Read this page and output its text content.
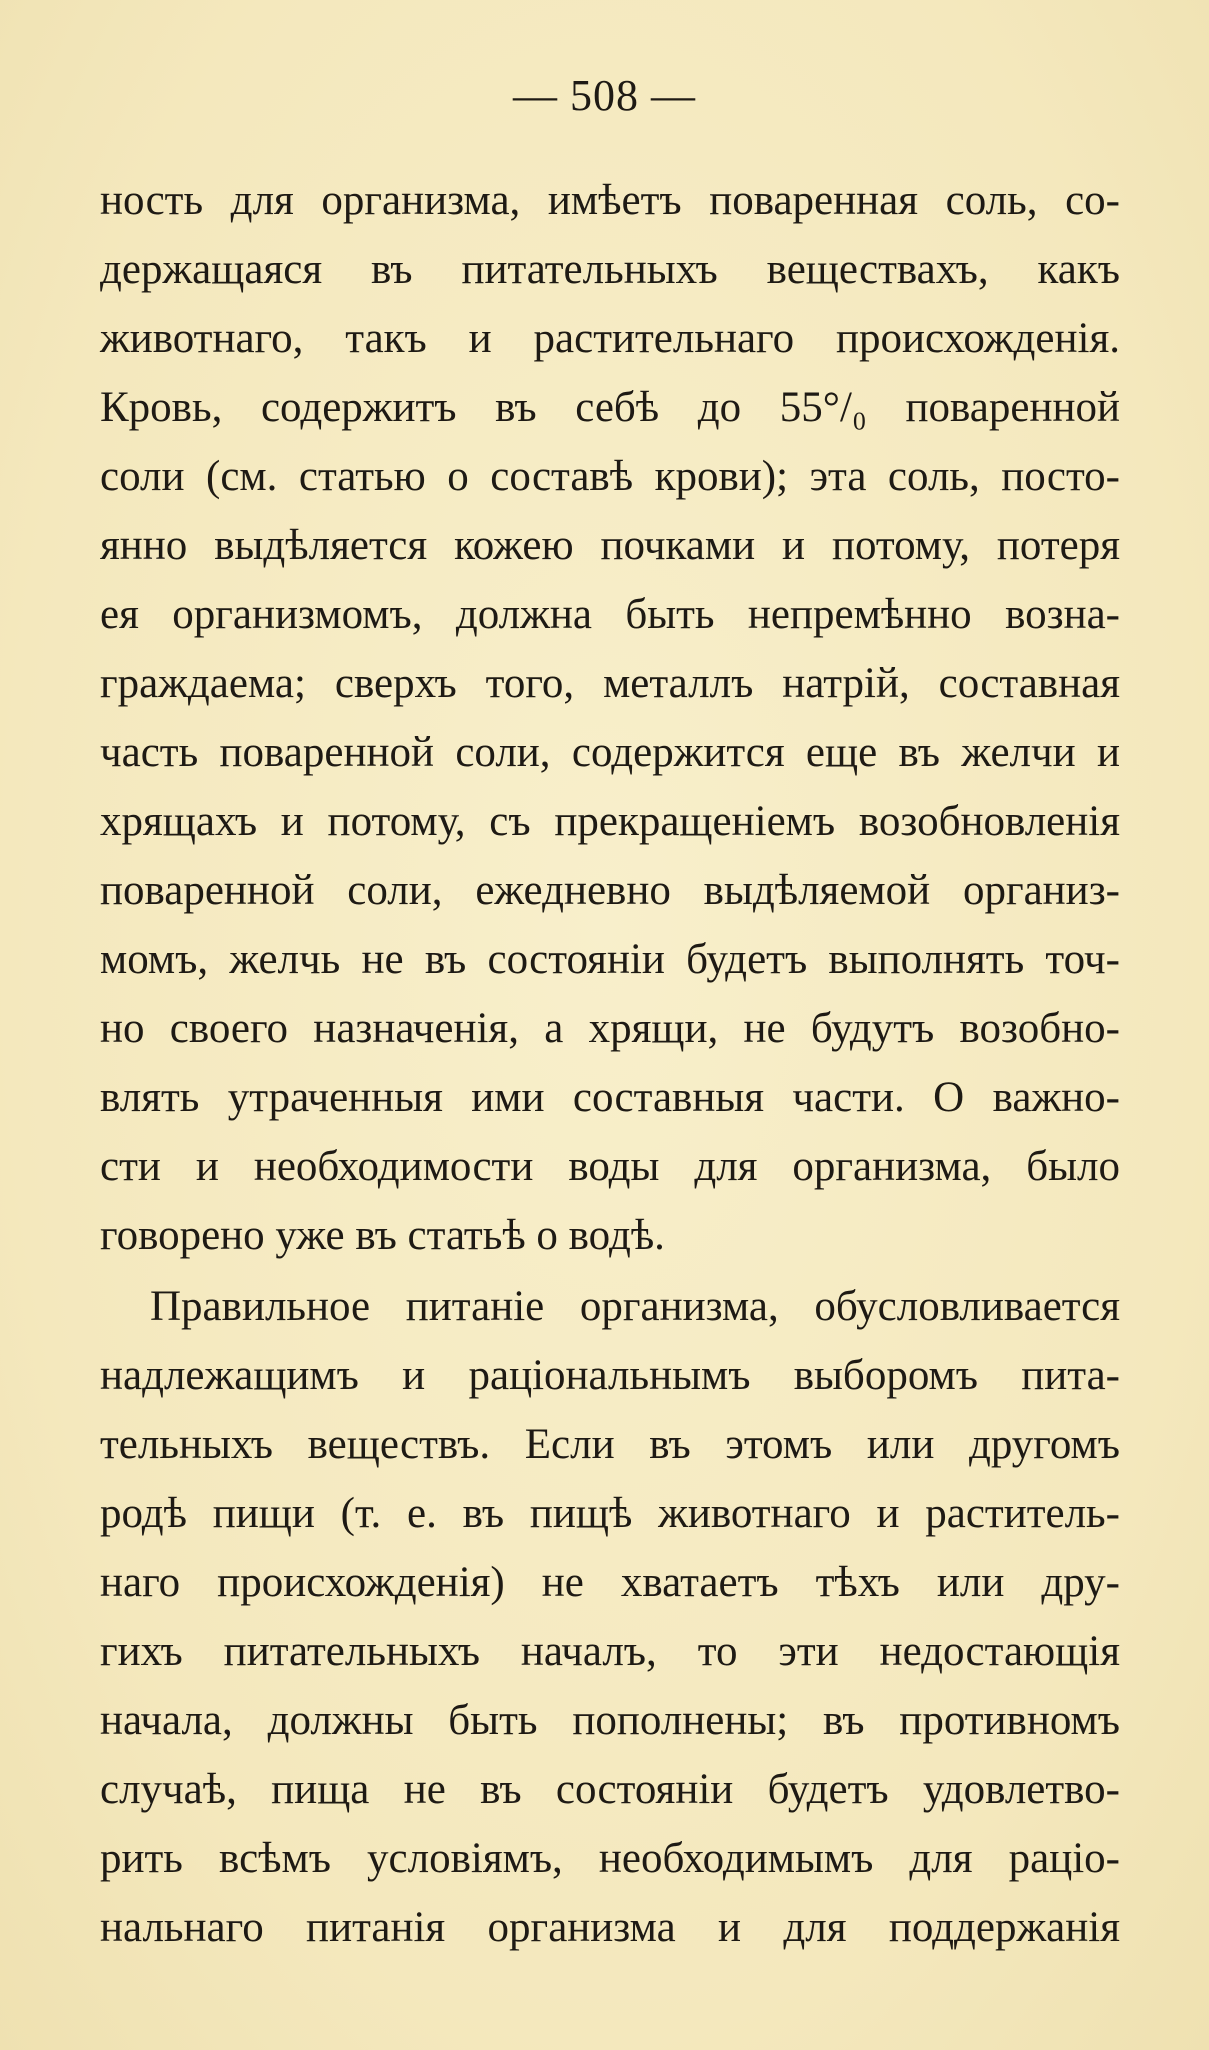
— 508 —
ность для организма, имѣетъ поваренная соль, со-
держащаяся въ питательныхъ веществахъ, какъ
животнаго, такъ и растительнаго происхожденія.
Кровь, содержитъ въ себѣ до 55°/₀ поваренной
соли (см. статью о составѣ крови); эта соль, посто-
янно выдѣляется кожею почками и потому, потеря
ея организмомъ, должна быть непремѣнно возна-
граждаема; сверхъ того, металлъ натрій, составная
часть поваренной соли, содержится еще въ желчи и
хрящахъ и потому, съ прекращеніемъ возобновленія
поваренной соли, ежедневно выдѣляемой организ-
момъ, желчь не въ состояніи будетъ выполнять точ-
но своего назначенія, а хрящи, не будутъ возобно-
влять утраченныя ими составныя части. О важно-
сти и необходимости воды для организма, было
говорено уже въ статьѣ о водѣ.
Правильное питаніе организма, обусловливается
надлежащимъ и раціональнымъ выборомъ пита-
тельныхъ веществъ. Если въ этомъ или другомъ
родѣ пищи (т. е. въ пищѣ животнаго и раститель-
наго происхожденія) не хватаетъ тѣхъ или дру-
гихъ питательныхъ началъ, то эти недостающія
начала, должны быть пополнены; въ противномъ
случаѣ, пища не въ состояніи будетъ удовлетво-
рить всѣмъ условіямъ, необходимымъ для раціо-
нальнаго питанія организма и для поддержанія
